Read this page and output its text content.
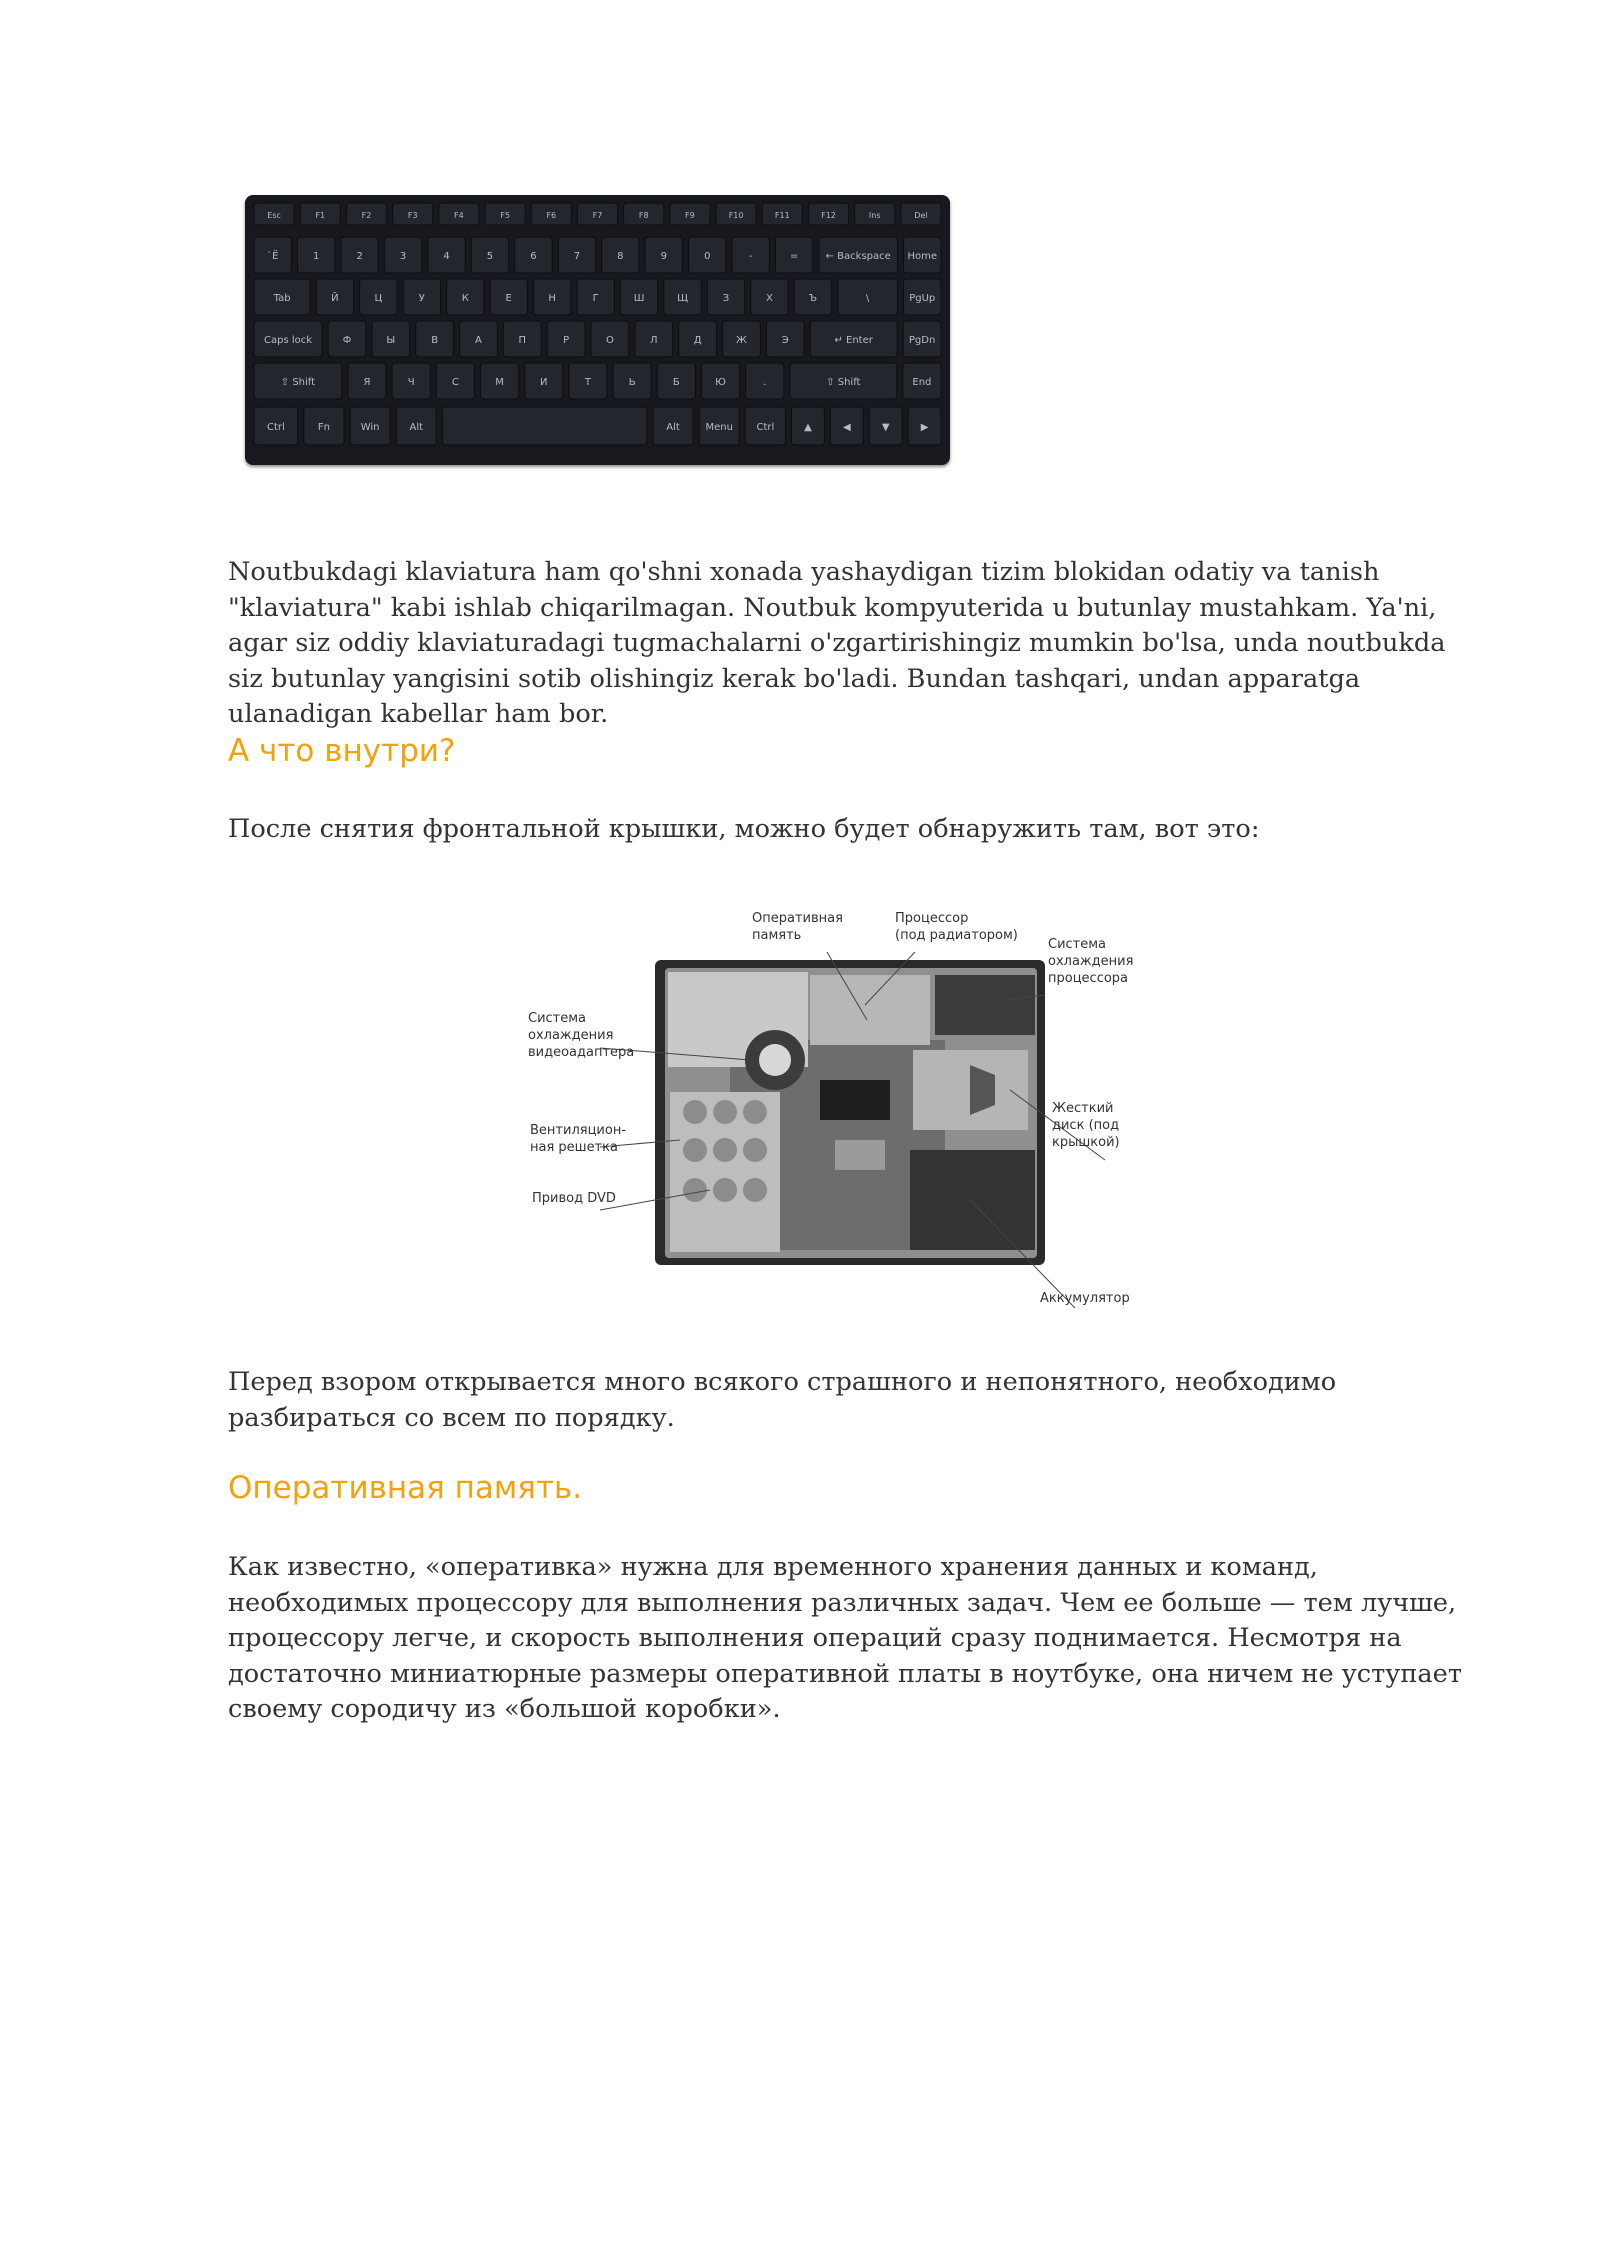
Esc	F1	F2	F3	F4	F5	F6	F7	F8	F9	F10	F11	F12	Ins	Del
`Ё	1	2	3	4	5	6	7	8	9	0	-	=	← Backspace Home
Tab	Й	Ц	У	К	Е	Н	Г	Ш	Щ	З	Х	Ъ	\	PgUp
Caps lock	Ф	Ы	В	А	П	Р	О	Л	Д	Ж	Э	↵ Enter	PgDn
⇧ Shift	Я	Ч	С	М	И	Т	Ь	Б	Ю	.	⇧ Shift	End
Ctrl	Fn	Win	Alt	Alt	Menu Ctrl	▲	◀	▼	▶

Noutbukdagi klaviatura ham qo'shni xonada yashaydigan tizim blokidan odatiy va tanish "klaviatura" kabi ishlab chiqarilmagan. Noutbuk kompyuterida u butunlay mustahkam. Ya'ni, agar siz oddiy klaviaturadagi tugmachalarni o'zgartirishingiz mumkin bo'lsa, unda noutbukda siz butunlay yangisini sotib olishingiz kerak bo'ladi. Bundan tashqari, undan apparatga ulanadigan kabellar ham bor.

А что внутри?

После снятия фронтальной крышки, можно будет обнаружить там, вот это:

Оперативная
память

Процессор
(под радиатором)

Система
охлаждения
процессора

Система
охлаждения
видеоадаптера

Вентиляцион-
ная решетка

Привод DVD

Жесткий
диск (под
крышкой)

Аккумулятор

Перед взором открывается много всякого страшного и непонятного, необходимо разбираться со всем по порядку.

Оперативная память.

Как известно, «оперативка» нужна для временного хранения данных и команд, необходимых процессору для выполнения различных задач. Чем ее больше — тем лучше, процессору легче, и скорость выполнения операций сразу поднимается. Несмотря на достаточно миниатюрные размеры оперативной платы в ноутбуке, она ничем не уступает своему сородичу из «большой коробки».
